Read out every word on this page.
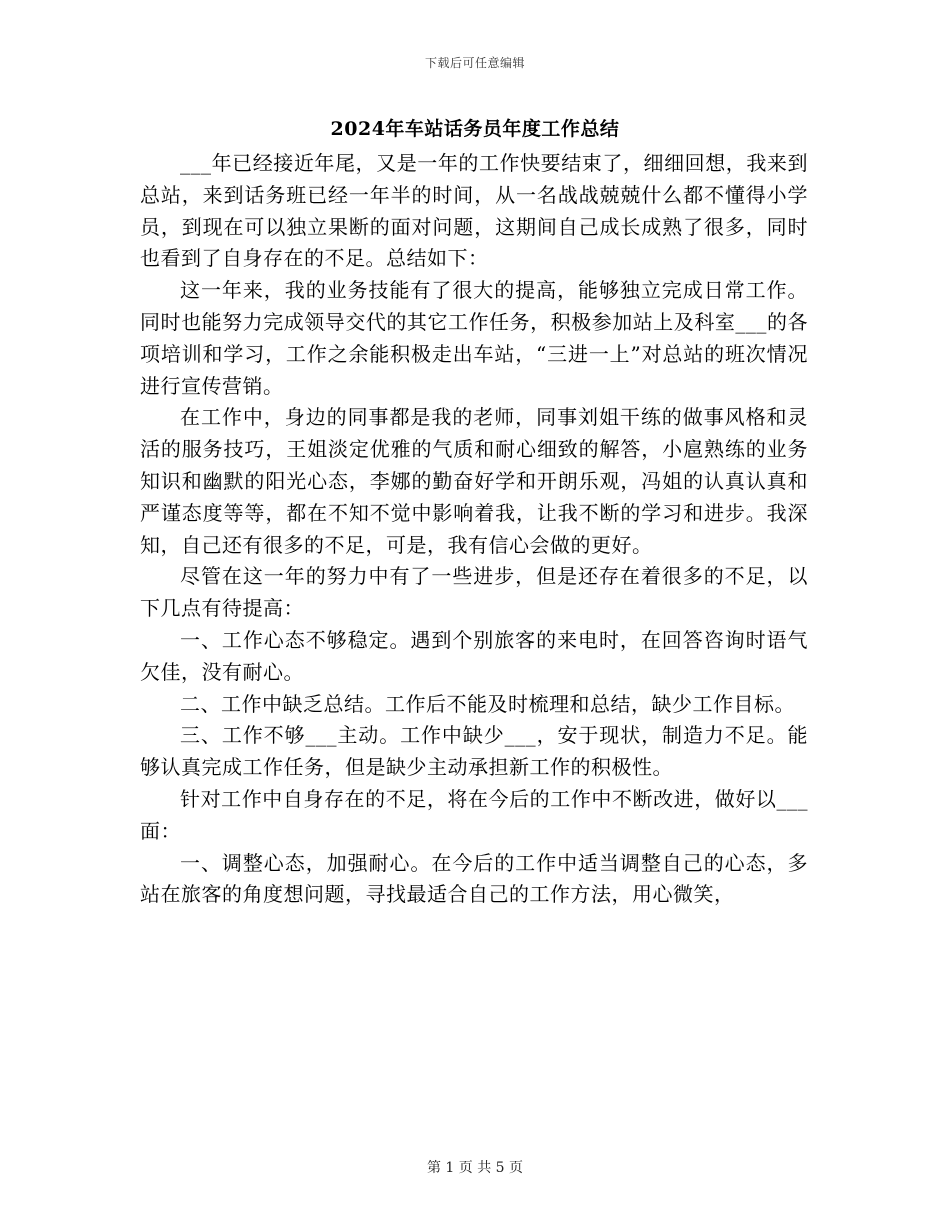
下载后可任意编辑
2024年车站话务员年度工作总结

___年已经接近年尾，又是一年的工作快要结束了，细细回想，我来到总站，来到话务班已经一年半的时间，从一名战战兢兢什么都不懂得小学员，到现在可以独立果断的面对问题，这期间自己成长成熟了很多，同时也看到了自身存在的不足。总结如下：

这一年来，我的业务技能有了很大的提高，能够独立完成日常工作。同时也能努力完成领导交代的其它工作任务，积极参加站上及科室___的各项培训和学习，工作之余能积极走出车站，“三进一上”对总站的班次情况进行宣传营销。

在工作中，身边的同事都是我的老师，同事刘姐干练的做事风格和灵活的服务技巧，王姐淡定优雅的气质和耐心细致的解答，小扈熟练的业务知识和幽默的阳光心态，李娜的勤奋好学和开朗乐观，冯姐的认真认真和严谨态度等等，都在不知不觉中影响着我，让我不断的学习和进步。我深知，自己还有很多的不足，可是，我有信心会做的更好。

尽管在这一年的努力中有了一些进步，但是还存在着很多的不足，以下几点有待提高：

一、工作心态不够稳定。遇到个别旅客的来电时，在回答咨询时语气欠佳，没有耐心。

二、工作中缺乏总结。工作后不能及时梳理和总结，缺少工作目标。

三、工作不够___主动。工作中缺少___，安于现状，制造力不足。能够认真完成工作任务，但是缺少主动承担新工作的积极性。

针对工作中自身存在的不足，将在今后的工作中不断改进，做好以___面：

一、调整心态，加强耐心。在今后的工作中适当调整自己的心态，多站在旅客的角度想问题，寻找最适合自己的工作方法，用心微笑，

第 1 页 共 5 页
